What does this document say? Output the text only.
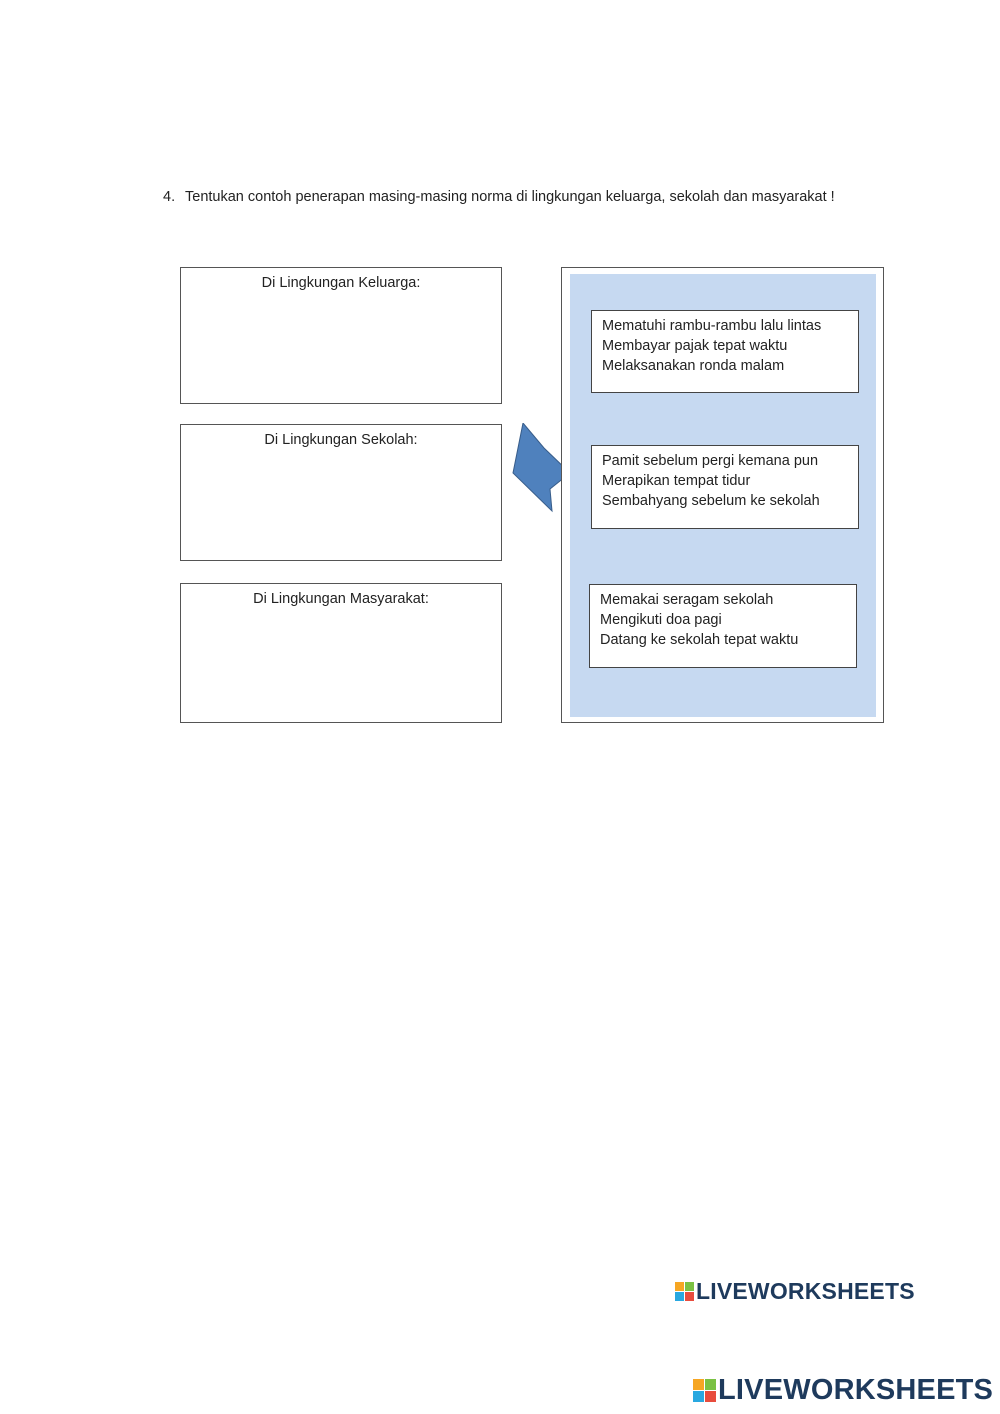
4. Tentukan contoh penerapan masing-masing norma di lingkungan keluarga, sekolah dan masyarakat !
Di Lingkungan Keluarga:
Di Lingkungan Sekolah:
Di Lingkungan Masyarakat:
Mematuhi rambu-rambu lalu lintas
Membayar pajak tepat waktu
Melaksanakan ronda malam
Pamit sebelum pergi kemana pun
Merapikan tempat tidur
Sembahyang sebelum ke sekolah
Memakai seragam sekolah
Mengikuti doa pagi
Datang ke sekolah tepat waktu
LIVEWORKSHEETS
LIVEWORKSHEETS
